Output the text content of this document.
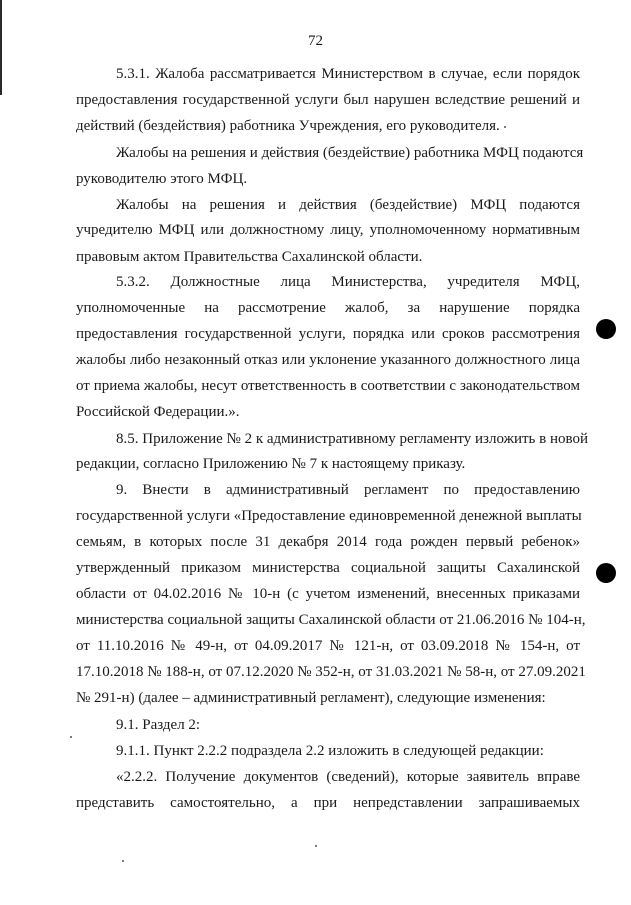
72
5.3.1. Жалоба рассматривается Министерством в случае, если порядок
предоставления государственной услуги был нарушен вследствие решений и
действий (бездействия) работника Учреждения, его руководителя.
Жалобы на решения и действия (бездействие) работника МФЦ подаются
руководителю этого МФЦ.
Жалобы на решения и действия (бездействие) МФЦ подаются
учредителю МФЦ или должностному лицу, уполномоченному нормативным
правовым актом Правительства Сахалинской области.
5.3.2. Должностные лица Министерства, учредителя МФЦ,
уполномоченные на рассмотрение жалоб, за нарушение порядка
предоставления государственной услуги, порядка или сроков рассмотрения
жалобы либо незаконный отказ или уклонение указанного должностного лица
от приема жалобы, несут ответственность в соответствии с законодательством
Российской Федерации.».
8.5. Приложение № 2 к административному регламенту изложить в новой
редакции, согласно Приложению № 7 к настоящему приказу.
9. Внести в административный регламент по предоставлению
государственной услуги «Предоставление единовременной денежной выплаты
семьям, в которых после 31 декабря 2014 года рожден первый ребенок»
утвержденный приказом министерства социальной защиты Сахалинской
области от 04.02.2016 № 10-н (с учетом изменений, внесенных приказами
министерства социальной защиты Сахалинской области от 21.06.2016 № 104-н,
от 11.10.2016 № 49-н, от 04.09.2017 № 121-н, от 03.09.2018 № 154-н, от
17.10.2018 № 188-н, от 07.12.2020 № 352-н, от 31.03.2021 № 58-н, от 27.09.2021
№ 291-н) (далее – административный регламент), следующие изменения:
9.1. Раздел 2:
9.1.1. Пункт 2.2.2 подраздела 2.2 изложить в следующей редакции:
«2.2.2. Получение документов (сведений), которые заявитель вправе
представить самостоятельно, а при непредставлении запрашиваемых
